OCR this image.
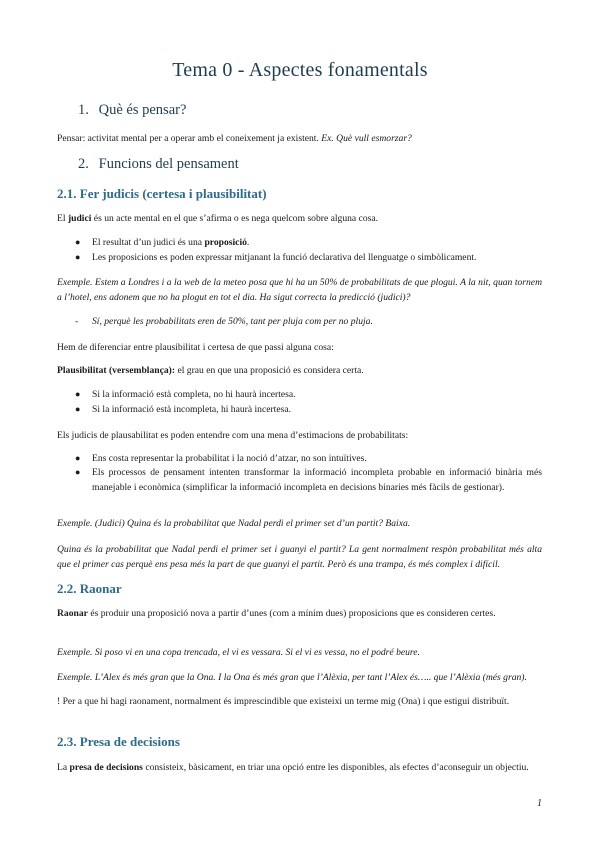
Tema 0 - Aspectes fonamentals
1. Què és pensar?
Pensar: activitat mental per a operar amb el coneixement ja existent. Ex. Què vull esmorzar?
2. Funcions del pensament
2.1. Fer judicis (certesa i plausibilitat)
El judici és un acte mental en el que s’afirma o es nega quelcom sobre alguna cosa.
● El resultat d’un judici és una proposició.
● Les proposicions es poden expressar mitjanant la funció declarativa del llenguatge o simbòlicament.
Exemple. Estem a Londres i a la web de la meteo posa que hi ha un 50% de probabilitats de que plogui. A la nit, quan tornem a l’hotel, ens adonem que no ha plogut en tot el dia. Ha sigut correcta la predicció (judici)?
- Sí, perquè les probabilitats eren de 50%, tant per pluja com per no pluja.
Hem de diferenciar entre plausibilitat i certesa de que passi alguna cosa:
Plausibilitat (versemblança): el grau en que una proposició es considera certa.
● Si la informació està completa, no hi haurà incertesa.
● Si la informació està incompleta, hi haurà incertesa.
Els judicis de plausabilitat es poden entendre com una mena d’estimacions de probabilitats:
● Ens costa representar la probabilitat i la noció d’atzar, no son intuïtives.
● Els processos de pensament intenten transformar la informació incompleta probable en informació binària més manejable i econòmica (simplificar la informació incompleta en decisions binaries més fàcils de gestionar).
Exemple. (Judici) Quina és la probabilitat que Nadal perdi el primer set d’un partit? Baixa.
Quina és la probabilitat que Nadal perdi el primer set i guanyi el partit? La gent normalment respòn probabilitat més alta que el primer cas perquè ens pesa més la part de que guanyi el partit. Però és una trampa, és més complex i difícil.
2.2. Raonar
Raonar és produir una proposició nova a partir d’unes (com a mínim dues) proposicions que es consideren certes.
Exemple. Si poso vi en una copa trencada, el vi es vessara. Si el vi es vessa, no el podré beure.
Exemple. L’Alex és més gran que la Ona. I la Ona és més gran que l’Alèxia, per tant l’Alex és….. que l’Alèxia (més gran).
! Per a que hi hagi raonament, normalment és imprescindible que existeixi un terme mig (Ona) i que estigui distribuït.
2.3. Presa de decisions
La presa de decisions consisteix, bàsicament, en triar una opció entre les disponibles, als efectes d’aconseguir un objectiu.
1
